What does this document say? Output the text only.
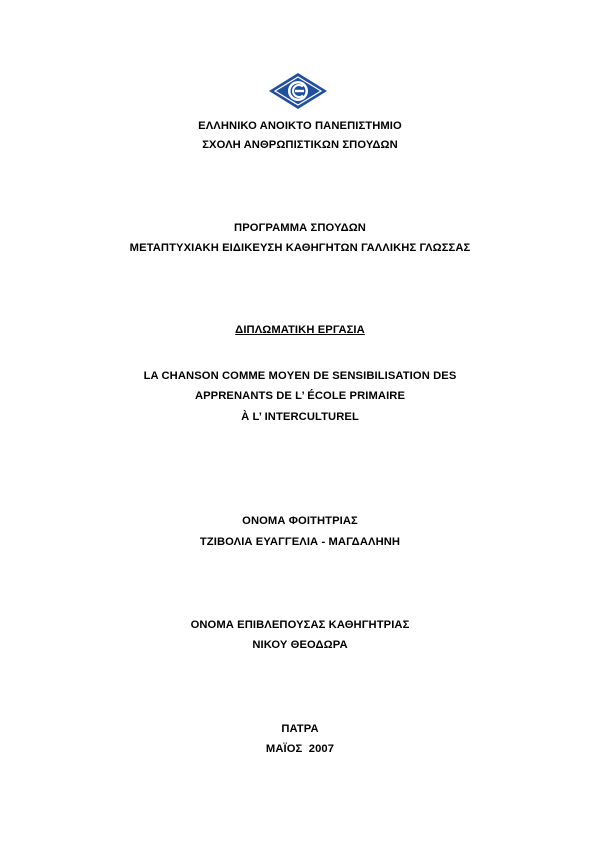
ΕΛΛΗΝΙΚΟ ΑΝΟΙΚΤΟ ΠΑΝΕΠΙΣΤΗΜΙΟ
ΣΧΟΛΗ ΑΝΘΡΩΠΙΣΤΙΚΩΝ ΣΠΟΥΔΩΝ
ΠΡΟΓΡΑΜΜΑ ΣΠΟΥΔΩΝ
ΜΕΤΑΠΤΥΧΙΑΚΗ ΕΙΔΙΚΕΥΣΗ ΚΑΘΗΓΗΤΩΝ ΓΑΛΛΙΚΗΣ ΓΛΩΣΣΑΣ
ΔΙΠΛΩΜΑΤΙΚΗ ΕΡΓΑΣΙΑ
LA CHANSON COMME MOYEN DE SENSIBILISATION DES
APPRENANTS DE L’ ÉCOLE PRIMAIRE
À L’ INTERCULTUREL
ΟΝΟΜΑ ΦΟΙΤΗΤΡΙΑΣ
ΤΖΙΒΟΛΙΑ ΕΥΑΓΓΕΛΙΑ - ΜΑΓΔΑΛΗΝΗ
ΟΝΟΜΑ ΕΠΙΒΛΕΠΟΥΣΑΣ ΚΑΘΗΓΗΤΡΙΑΣ
ΝΙΚΟΥ ΘΕΟΔΩΡΑ
ΠΑΤΡΑ
ΜΑΪΟΣ  2007
